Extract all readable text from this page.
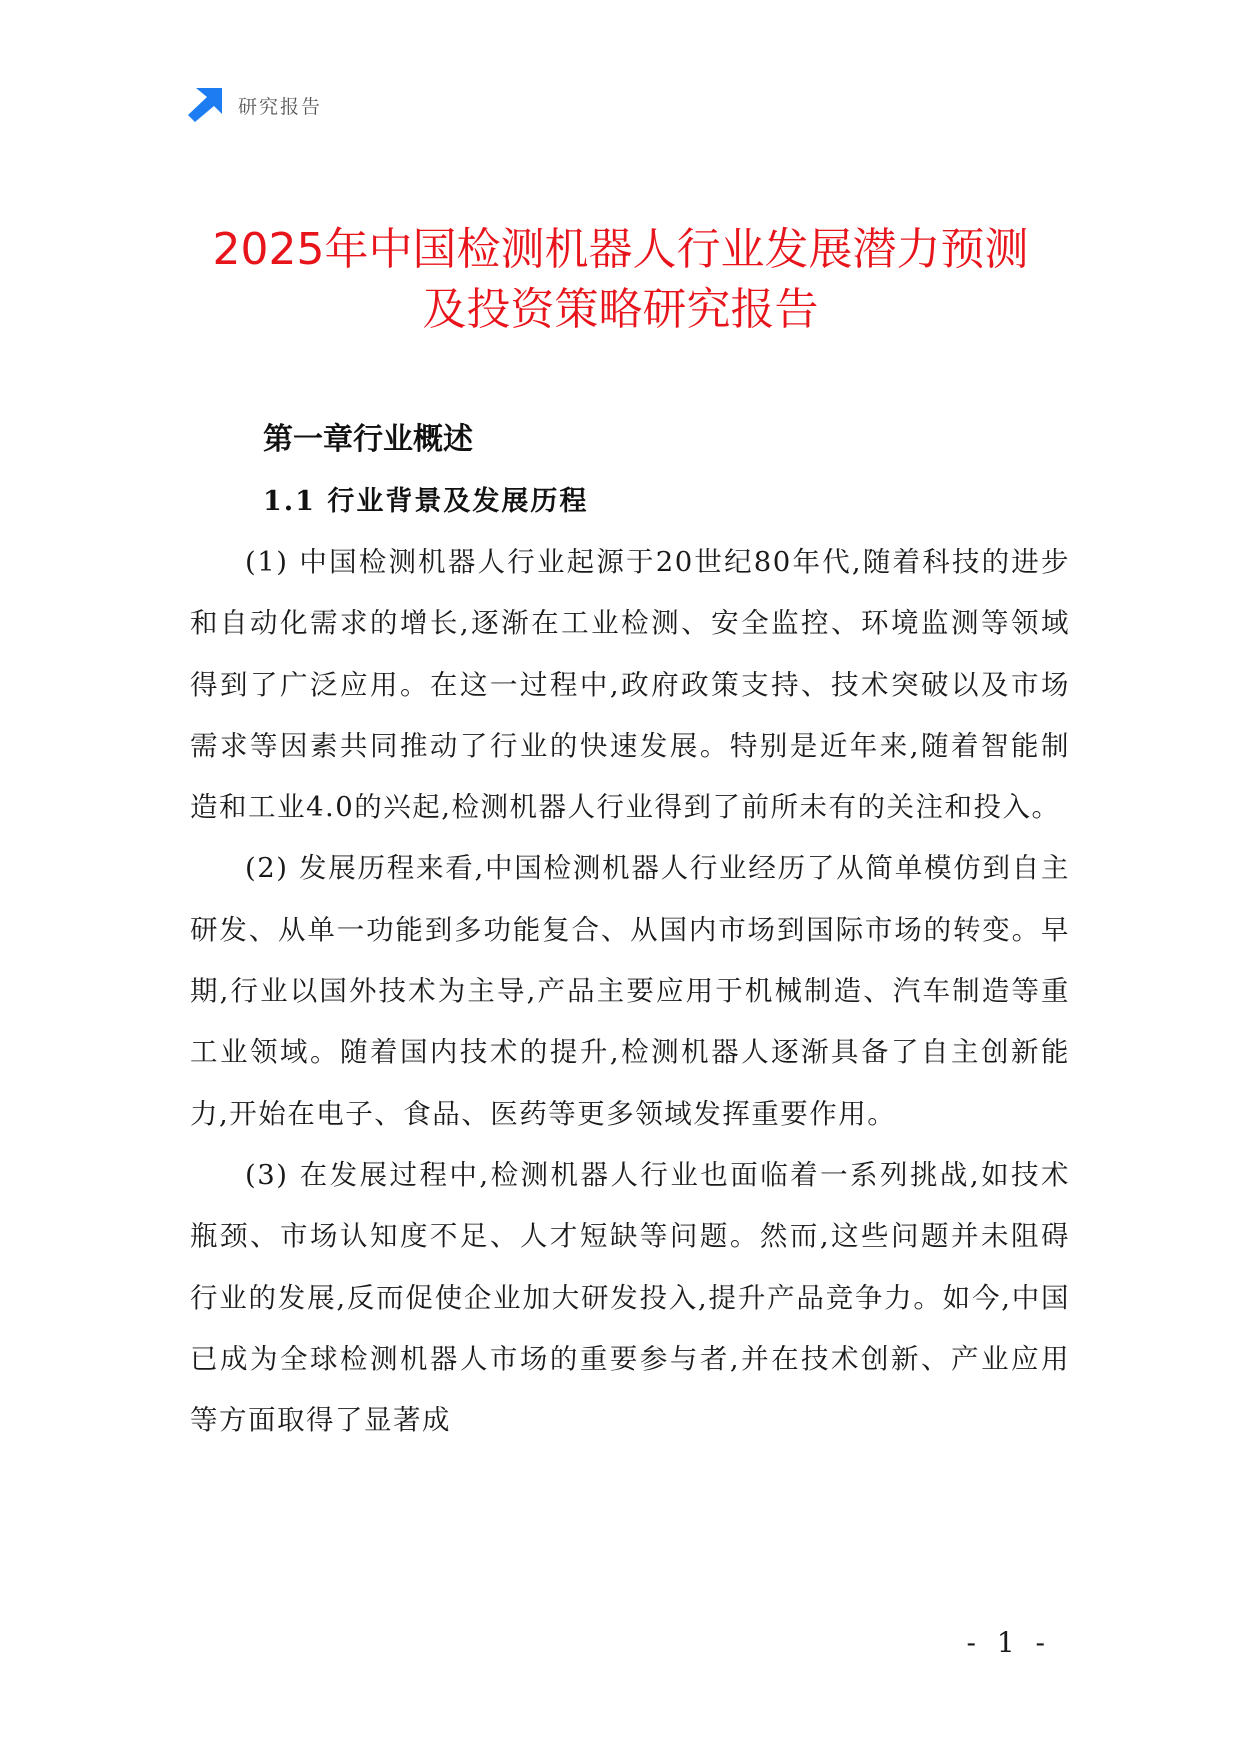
研究报告
2025年中国检测机器人行业发展潜力预测
及投资策略研究报告
第一章行业概述
1.1 行业背景及发展历程

(1) 中国检测机器人行业起源于20世纪80年代,随着科技的进步和自动化需求的增长,逐渐在工业检测、安全监控、环境监测等领域得到了广泛应用。在这一过程中,政府政策支持、技术突破以及市场需求等因素共同推动了行业的快速发展。特别是近年来,随着智能制造和工业4.0的兴起,检测机器人行业得到了前所未有的关注和投入。

(2) 发展历程来看,中国检测机器人行业经历了从简单模仿到自主研发、从单一功能到多功能复合、从国内市场到国际市场的转变。早期,行业以国外技术为主导,产品主要应用于机械制造、汽车制造等重工业领域。随着国内技术的提升,检测机器人逐渐具备了自主创新能力,开始在电子、食品、医药等更多领域发挥重要作用。

(3) 在发展过程中,检测机器人行业也面临着一系列挑战,如技术瓶颈、市场认知度不足、人才短缺等问题。然而,这些问题并未阻碍行业的发展,反而促使企业加大研发投入,提升产品竞争力。如今,中国已成为全球检测机器人市场的重要参与者,并在技术创新、产业应用等方面取得了显著成

- 1 -
